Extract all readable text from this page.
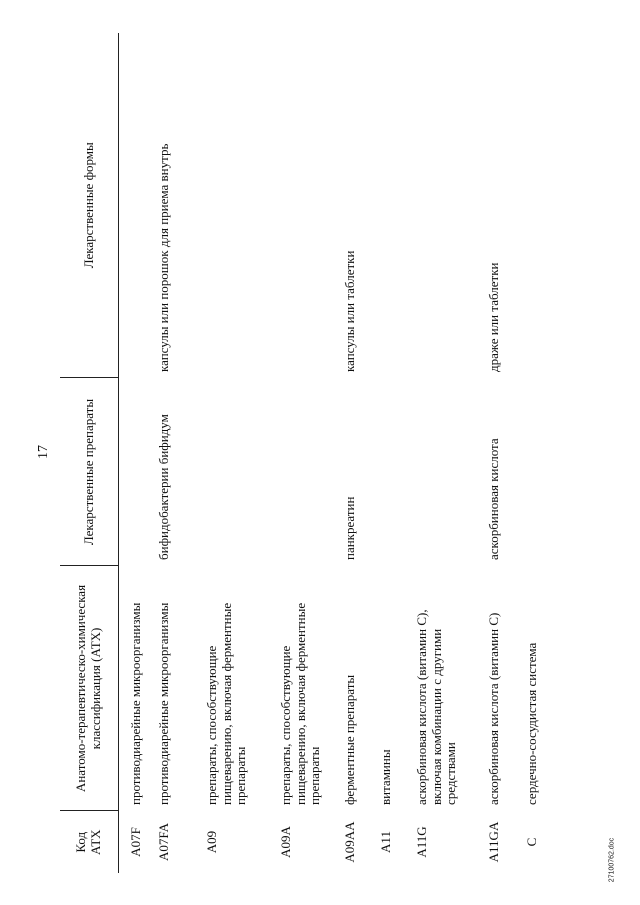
17
Код АТХ	Анатомо-терапевтическо-химическая классификация (АТХ)	Лекарственные препараты	Лекарственные формы
A07F	противодиарейные микроорганизмы		
A07FA	противодиарейные микроорганизмы	бифидобактерии бифидум	капсулы или порошок для приема внутрь
A09	препараты, способствующие пищеварению, включая ферментные препараты		
A09A	препараты, способствующие пищеварению, включая ферментные препараты		
A09AA	ферментные препараты	панкреатин	капсулы или таблетки
A11	витамины		
A11G	аскорбиновая кислота (витамин С), включая комбинации с другими средствами		
A11GA	аскорбиновая кислота (витамин С)	аскорбиновая кислота	драже или таблетки
C	сердечно-сосудистая система		
2710076​2.doc
